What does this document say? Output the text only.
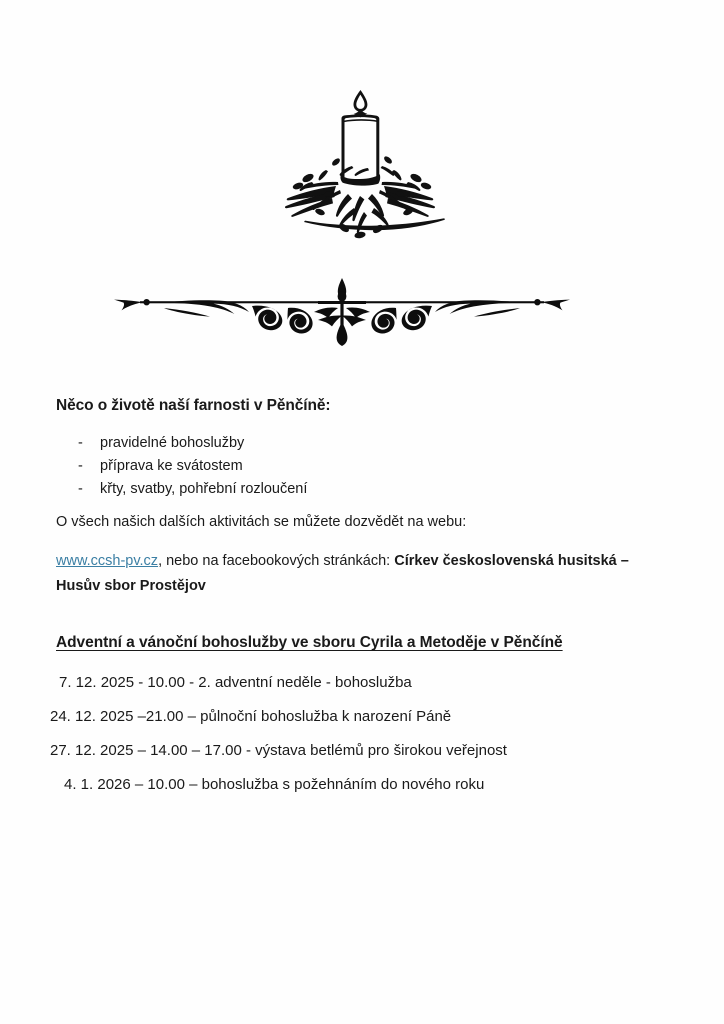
Něco o životě naší farnosti v Pěnčíně:
- pravidelné bohoslužby
- příprava ke svátostem
- křty, svatby, pohřební rozloučení
O všech našich dalších aktivitách se můžete dozvědět na webu:
www.ccsh-pv.cz, nebo na facebookových stránkách: Církev československá husitská – Husův sbor Prostějov
Adventní a vánoční bohoslužby ve sboru Cyrila a Metoděje v Pěnčíně
7. 12. 2025 - 10.00 - 2. adventní neděle - bohoslužba
24. 12. 2025 –21.00 – půlnoční bohoslužba k narození Páně
27. 12. 2025 – 14.00 – 17.00 - výstava betlémů pro širokou veřejnost
4. 1. 2026 – 10.00 – bohoslužba s požehnáním do nového roku
